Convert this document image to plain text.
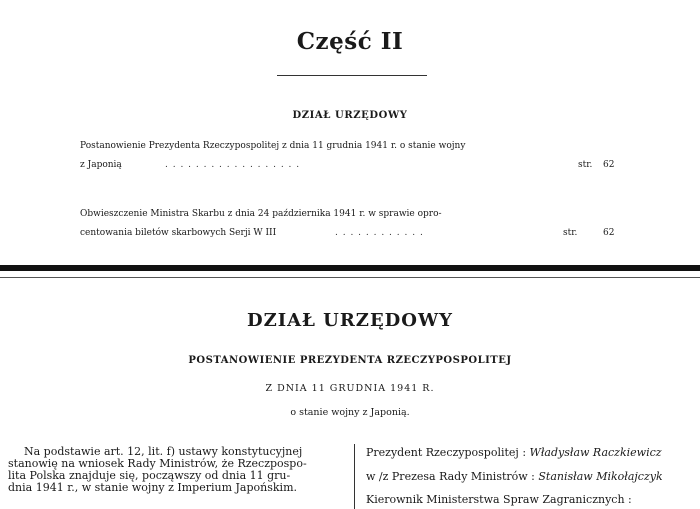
Część II
DZIAŁ URZĘDOWY
Postanowienie Prezydenta Rzeczypospolitej z dnia 11 grudnia 1941 r. o stanie wojny
z Japonią	. . . . . . . . . . . . . . . . . .	str. 62
Obwieszczenie Ministra Skarbu z dnia 24 października 1941 r. w sprawie opro-
centowania biletów skarbowych Serji W III	. . . . . . . . . . . .	str.	62
DZIAŁ URZĘDOWY
POSTANOWIENIE PREZYDENTA RZECZYPOSPOLITEJ
Z DNIA 11 GRUDNIA 1941 R.
o stanie wojny z Japonią.

Na podstawie art. 12, lit. f) ustawy konstytucyjnej

stanowię na wniosek Rady Ministrów, że Rzeczpospo-

lita Polska znajduje się, począwszy od dnia 11 gru-

dnia 1941 r., w stanie wojny z Imperium Japońskim.

Prezydent Rzeczypospolitej : Władysław Raczkiewicz
w /z Prezesa Rady Ministrów : Stanisław Mikołajczyk
Kierownik Ministerstwa Spraw Zagranicznych :
